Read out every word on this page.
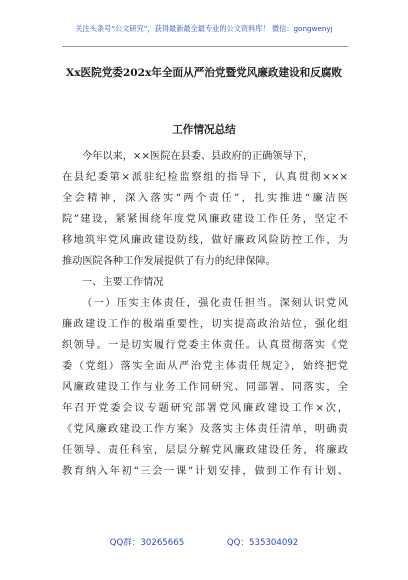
关注头条号“公文研究”，获得最新最全最专业的公文资料库！ 微信：gongwenyj
Xx医院党委202x年全面从严治党暨党风廉政建设和反腐败
工作情况总结
今年以来，××医院在县委、县政府的正确领导下，
在县纪委第×派驻纪检监察组的指导下，认真贯彻×××
全会精神，深入落实“两个责任”，扎实推进“廉洁医
院”建设，紧紧围绕年度党风廉政建设工作任务，坚定不
移地筑牢党风廉政建设防线，做好廉政风险防控工作，为
推动医院各种工作发展提供了有力的纪律保障。
一、主要工作情况
（一）压实主体责任，强化责任担当。深刻认识党风
廉政建设工作的极端重要性，切实提高政治站位，强化组
织领导。一是切实履行党委主体责任。认真贯彻落实《党
委（党组）落实全面从严治党主体责任规定》，始终把党
风廉政建设工作与业务工作同研究、同部署、同落实，全
年召开党委会议专题研究部署党风廉政建设工作×次，
《党风廉政建设工作方案》及落实主体责任清单，明确责
任领导、责任科室，层层分解党风廉政建设任务，将廉政
教育纳入年初“三会一课”计划安排，做到工作有计划、
QQ群：30265665	QQ：535304092
